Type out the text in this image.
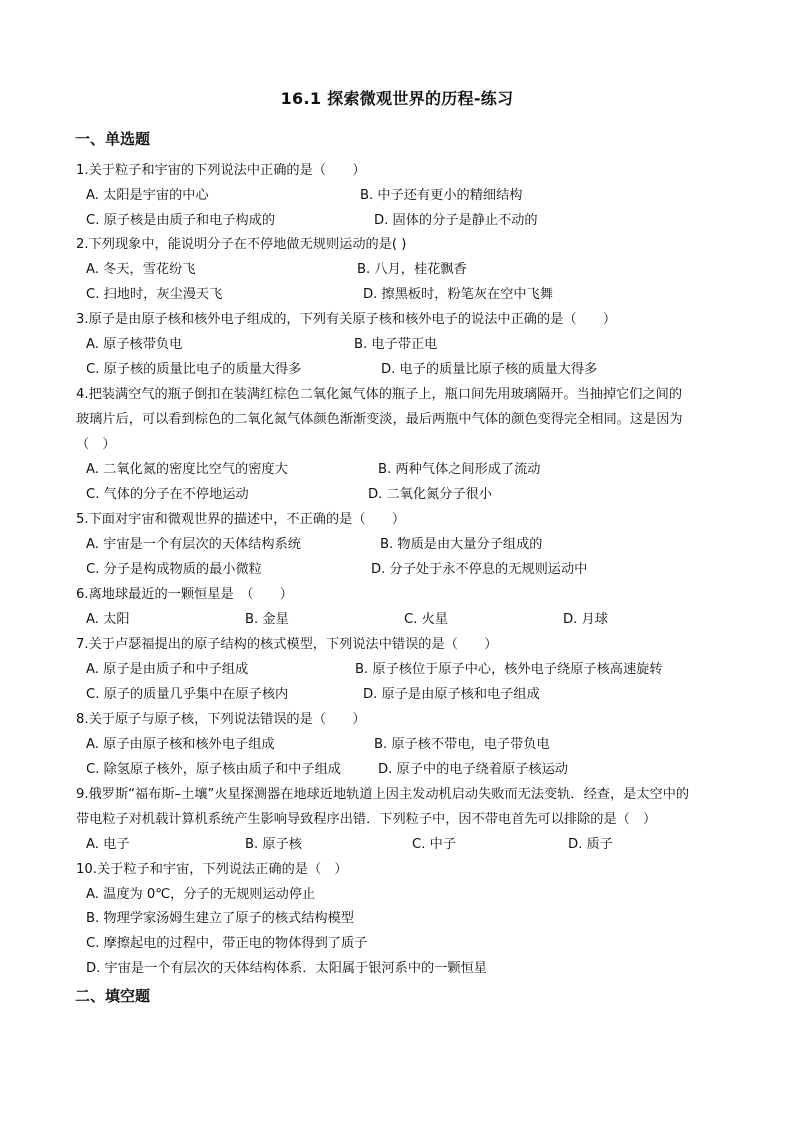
16.1 探索微观世界的历程-练习
一、单选题
1.关于粒子和宇宙的下列说法中正确的是（　　）
A. 太阳是宇宙的中心	B. 中子还有更小的精细结构
C. 原子核是由质子和电子构成的	D. 固体的分子是静止不动的
2.下列现象中，能说明分子在不停地做无规则运动的是( )
A. 冬天，雪花纷飞	B. 八月，桂花飘香
C. 扫地时，灰尘漫天飞	D. 擦黑板时，粉笔灰在空中飞舞
3.原子是由原子核和核外电子组成的，下列有关原子核和核外电子的说法中正确的是（　　）
A. 原子核带负电	B. 电子带正电
C. 原子核的质量比电子的质量大得多	D. 电子的质量比原子核的质量大得多
4.把装满空气的瓶子倒扣在装满红棕色二氧化氮气体的瓶子上，瓶口间先用玻璃隔开。当抽掉它们之间的
玻璃片后，可以看到棕色的二氧化氮气体颜色渐渐变淡，最后两瓶中气体的颜色变得完全相同。这是因为
（　）
A. 二氧化氮的密度比空气的密度大	B. 两种气体之间形成了流动
C. 气体的分子在不停地运动	D. 二氧化氮分子很小
5.下面对宇宙和微观世界的描述中，不正确的是（　　）
A. 宇宙是一个有层次的天体结构系统	B. 物质是由大量分子组成的
C. 分子是构成物质的最小微粒	D. 分子处于永不停息的无规则运动中
6.离地球最近的一颗恒星是　（　　）
A. 太阳	B. 金星	C. 火星	D. 月球
7.关于卢瑟福提出的原子结构的核式模型，下列说法中错误的是（　　）
A. 原子是由质子和中子组成	B. 原子核位于原子中心，核外电子绕原子核高速旋转
C. 原子的质量几乎集中在原子核内	D. 原子是由原子核和电子组成
8.关于原子与原子核，下列说法错误的是（　　）
A. 原子由原子核和核外电子组成	B. 原子核不带电，电子带负电
C. 除氢原子核外，原子核由质子和中子组成	D. 原子中的电子绕着原子核运动
9.俄罗斯“福布斯–土壤”火星探测器在地球近地轨道上因主发动机启动失败而无法变轨．经查，是太空中的
带电粒子对机载计算机系统产生影响导致程序出错．下列粒子中，因不带电首先可以排除的是（　）
A. 电子	B. 原子核	C. 中子	D. 质子
10.关于粒子和宇宙，下列说法正确的是（　）
A. 温度为 0℃，分子的无规则运动停止
B. 物理学家汤姆生建立了原子的核式结构模型
C. 摩擦起电的过程中，带正电的物体得到了质子
D. 宇宙是一个有层次的天体结构体系．太阳属于银河系中的一颗恒星
二、填空题
